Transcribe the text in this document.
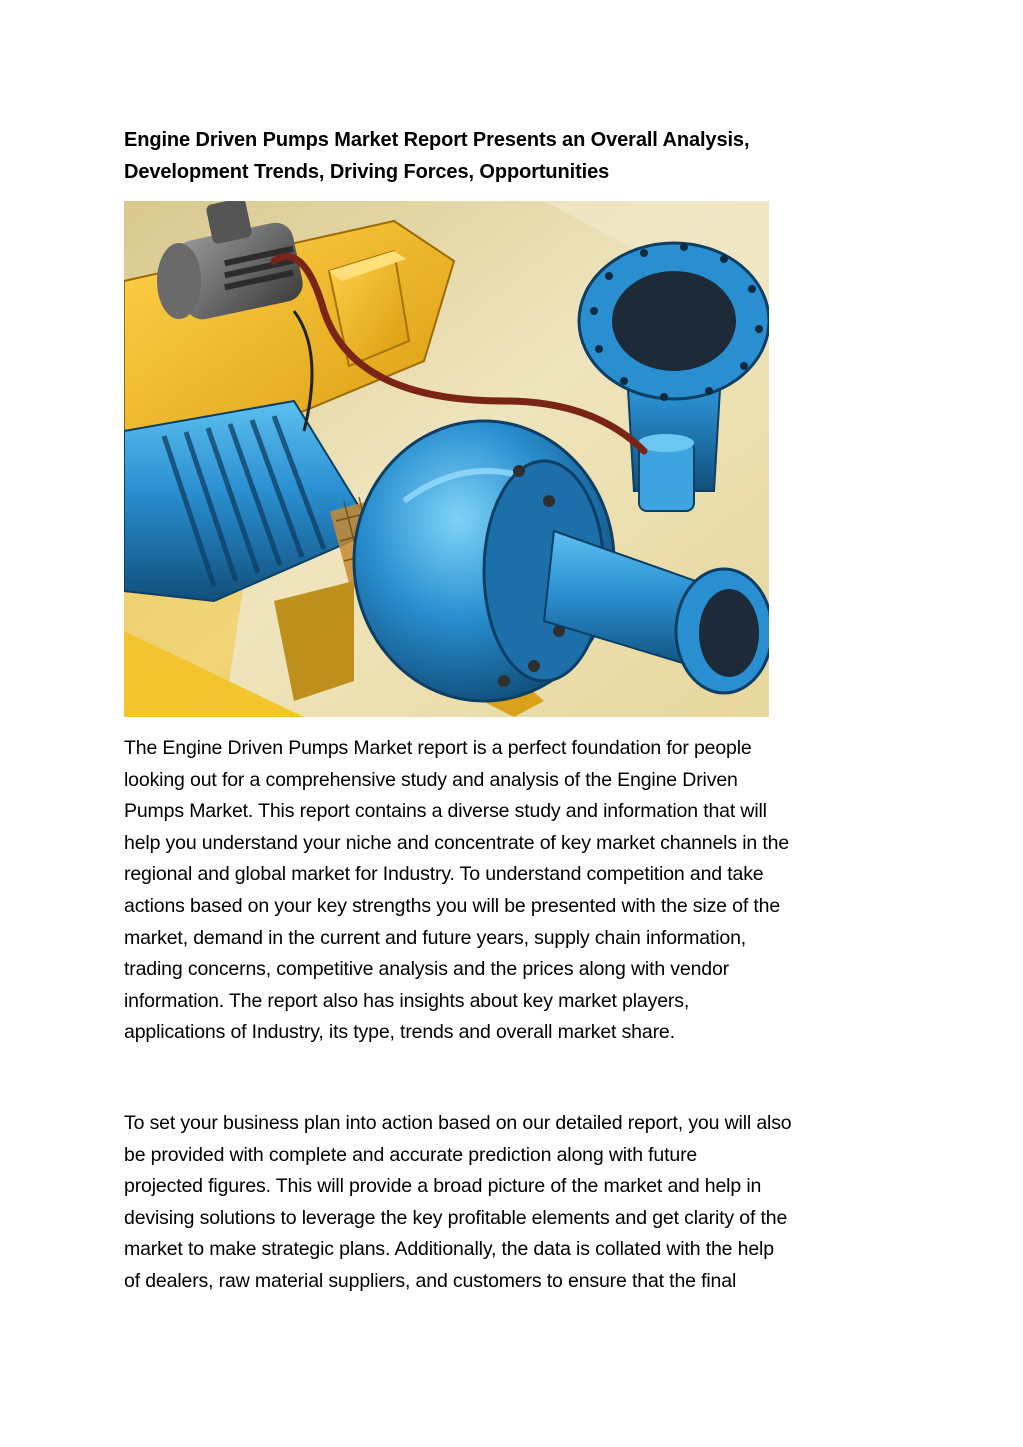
Engine Driven Pumps Market Report Presents an Overall Analysis,
Development Trends, Driving Forces, Opportunities

The Engine Driven Pumps Market report is a perfect foundation for people
looking out for a comprehensive study and analysis of the Engine Driven
Pumps Market. This report contains a diverse study and information that will
help you understand your niche and concentrate of key market channels in the
regional and global market for Industry. To understand competition and take
actions based on your key strengths you will be presented with the size of the
market, demand in the current and future years, supply chain information,
trading concerns, competitive analysis and the prices along with vendor
information. The report also has insights about key market players,
applications of Industry, its type, trends and overall market share.

To set your business plan into action based on our detailed report, you will also
be provided with complete and accurate prediction along with future
projected figures. This will provide a broad picture of the market and help in
devising solutions to leverage the key profitable elements and get clarity of the
market to make strategic plans. Additionally, the data is collated with the help
of dealers, raw material suppliers, and customers to ensure that the final
